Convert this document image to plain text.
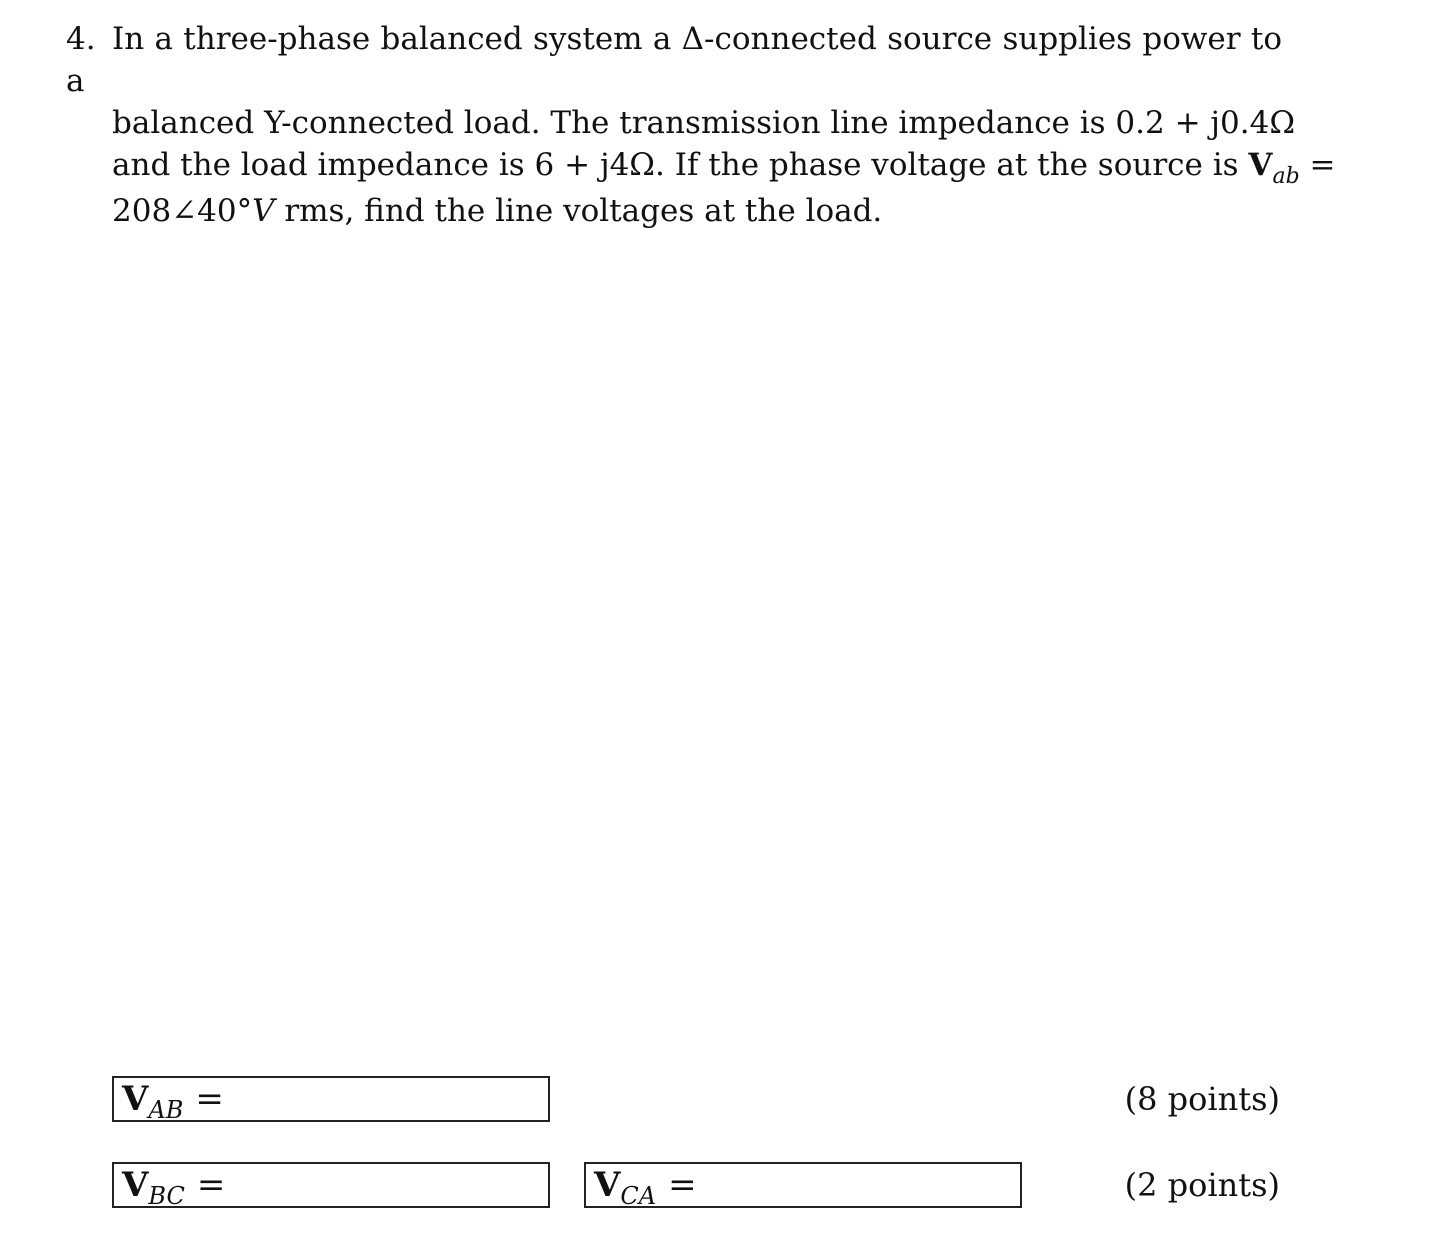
4. In a three-phase balanced system a Δ-connected source supplies power to a
balanced Y-connected load. The transmission line impedance is 0.2 + j0.4Ω
and the load impedance is 6 + j4Ω. If the phase voltage at the source is $V_{ab}$ =
208∠40°V rms, find the line voltages at the load.
$V_{AB}$ =	(8 points)
$V_{BC}$ =	$V_{CA}$ =	(2 points)
